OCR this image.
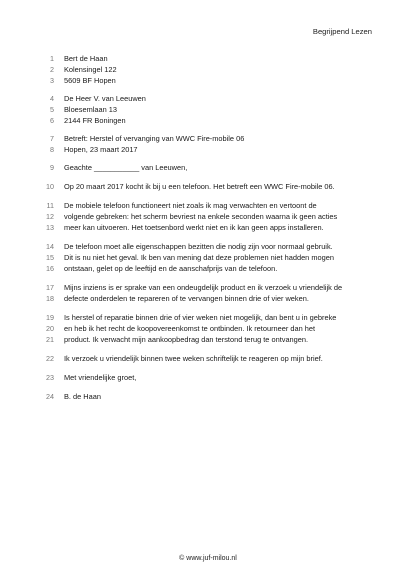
Begrijpend Lezen
1 Bert de Haan
2 Kolensingel 122
3 5609 BF Hopen
4 De Heer V. van Leeuwen
5 Bloesemlaan 13
6 2144 FR Boningen
7 Betreft: Herstel of vervanging van WWC Fire-mobile 06
8 Hopen, 23 maart 2017
9 Geachte ___________ van Leeuwen,
10 Op 20 maart 2017 kocht ik bij u een telefoon. Het betreft een WWC Fire-mobile 06.
11 De mobiele telefoon functioneert niet zoals ik mag verwachten en vertoont de
12 volgende gebreken: het scherm bevriest na enkele seconden waarna ik geen acties
13 meer kan uitvoeren. Het toetsenbord werkt niet en ik kan geen apps installeren.
14 De telefoon moet alle eigenschappen bezitten die nodig zijn voor normaal gebruik.
15 Dit is nu niet het geval. Ik ben van mening dat deze problemen niet hadden mogen
16 ontstaan, gelet op de leeftijd en de aanschafprijs van de telefoon.
17 Mijns inziens is er sprake van een ondeugdelijk product en ik verzoek u vriendelijk de
18 defecte onderdelen te repareren of te vervangen binnen drie of vier weken.
19 Is herstel of reparatie binnen drie of vier weken niet mogelijk, dan bent u in gebreke
20 en heb ik het recht de koopovereenkomst te ontbinden. Ik retourneer dan het
21 product. Ik verwacht mijn aankoopbedrag dan terstond terug te ontvangen.
22 Ik verzoek u vriendelijk binnen twee weken schriftelijk te reageren op mijn brief.
23 Met vriendelijke groet,
24 B. de Haan
© www.juf-milou.nl
